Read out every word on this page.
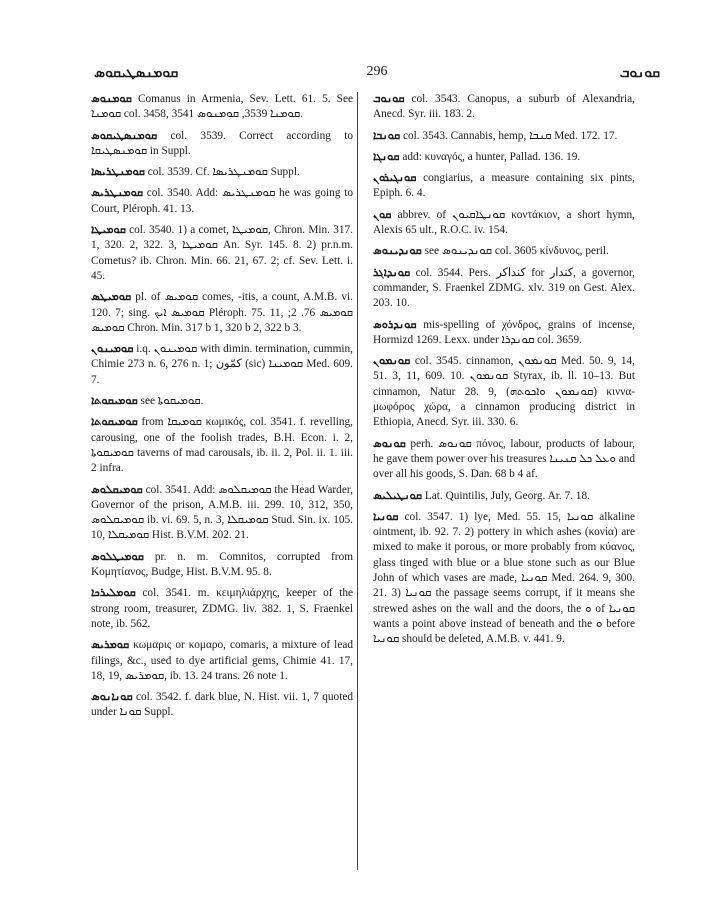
ܩܘܡܢܣܛܝܩܘܣ	296	ܩܘܢܘܒ

ܩܘܡܢܘܣ Comanus in Armenia, Sev. Lett. 61. 5. See ܩܘܡܢܐ col. 3458, ܩܘܡܢܐ 3539, ܩܘܡܢܘܣ 3541.

ܩܘܡܢܣܛܝܩܘܣ col. 3539. Correct according to ܩܘܡܢܣܛܝܩܐ in Suppl.

ܩܘܡܢܛܪܝܣܐ col. 3539. Cf. ܩܘܡܢܛܪܝܣܐ Suppl.

ܩܘܡܢܛܪܝܣ col. 3540. Add: ܩܘܡܢܛܪܝܣ he was going to Court, Pléroph. 41. 13.

ܩܘܡܝܛܐ col. 3540. 1) a comet, ܩܘܡܝܛܐ, Chron. Min. 317. 1, 320. 2, 322. 3, ܩܘܡܝܛܐ An. Syr. 145. 8. 2) pr.n.m. Cometus? ib. Chron. Min. 66. 21, 67. 2; cf. Sev. Lett. i. 45.

ܩܘܡܝܛܣ pl. of ܩܘܡܝܣ comes, -itis, a count, A.M.B. vi. 120. 7; sing. ܩܘܡܝܣ ܐܝܟ Pléroph. 75. 11, ܩܘܡܝܣ 76. 2; ܩܘܡܝܣ Chron. Min. 317 b 1, 320 b 2, 322 b 3.

ܩܘܡܝܢܘܢ i.q. ܩܘܡܝܢܘܢ with dimin. termination, cummin, Chimie 273 n. 6, 276 n. 1; كمّون (sic) ܩܘܡܝܢܐ Med. 609. 7.

ܩܘܡܝܩܘܬܐ see ܩܘܡܝܩܘܬܐ.

ܩܘܡܝܩܘܬܐ from ܩܘܡܝܩܐ κωμικός, col. 3541. f. revelling, carousing, one of the foolish trades, B.H. Econ. i. 2, ܩܘܡܝܩܘܬܐ taverns of mad carousals, ib. ii. 2, Pol. ii. 1. iii. 2 infra.

ܩܘܡܝܩܠܘܣ col. 3541. Add: ܩܘܡܝܩܠܘܣ the Head Warder, Governor of the prison, A.M.B. iii. 299. 10, 312, 350, ܩܘܡܝܩܠܘܣ ib. vi. 69. 5, n. 3, ܩܘܡܝܩܠܐ Stud. Sin. ix. 105. 10, ܩܘܡܝܩܠܐ Hist. B.V.M. 202. 21.

ܩܘܡܝܛܠܘܣ pr. n. m. Comnitos, corrupted from Κομητίανος, Budge, Hist. B.V.M. 95. 8.

ܩܘܡܠܝܪܟܐ col. 3541. m. κειμηλιάρχης, keeper of the strong room, treasurer, ZDMG. liv. 382. 1, S. Fraenkel note, ib. 562.

ܩܘܡܪܝܣ κωμαρις or κομαρο, comaris, a mixture of lead filings, &c., used to dye artificial gems, Chimie 41. 17, 18, 19, ܩܘܡܪܝܣ, ib. 13. 24 trans. 26 note 1.

ܩܘܢܐܢܘܣ col. 3542. f. dark blue, N. Hist. vii. 1, 7 quoted under ܩܘܢܐ Suppl.

ܩܘܢܘܒ col. 3543. Canopus, a suburb of Alexandria, Anecd. Syr. iii. 183. 2.

ܩܘܢܒܐ col. 3543. Cannabis, hemp, ܩܢܒܐ Med. 172. 17.

ܩܘܢܓܐ add: κυναγός, a hunter, Pallad. 136. 19.

ܩܘܢܓܝܪܘܢ congiarius, a measure containing six pints, Epiph. 6. 4.

ܩܘܢ abbrev. of ܩܘܢܛܐܩܝܘܢ κοντάκιον, a short hymn, Alexis 65 ult., R.O.C. iv. 154.

ܩܘܢܕܝܢܘܣ see ܩܘܢܕܝܢܘܣ col. 3605 κίνδυνος, peril.

ܩܘܢܕܐܓܪ col. 3544. Pers. كنداكر for كندار, a governor, commander, S. Fraenkel ZDMG. xlv. 319 on Gest. Alex. 203. 10.

ܩܘܢܕܪܘܣ mis-spelling of χόνδρος, grains of incense, Hormizd 1269. Lexx. under ܩܘܢܕܪܐ col. 3659.

ܩܘܢܡܘܢ col. 3545. cinnamon, ܩܘܢܡܘܢ Med. 50. 9, 14, 51. 3, 11, 609. 10. ܩܘܢܡܘܢ Styrax, ib. ll. 10–13. But cinnamon, Natur 28. 9, (ܩܘܢܡܘܢ ܘܐܟܘܬܗ) κιννα-μωφόρος χώρα, a cinnamon producing district in Ethiopia, Anecd. Syr. iii. 330. 6.

ܩܘܢܘܣ perh. ܩܘܢܘܣ πόνος, labour, products of labour, he gave them power over his treasures ܘܥܠ ܟܠ ܩܢܝܢܐ and over all his goods, S. Dan. 68 b 4 af.

ܩܘܢܛܝܠܝܣ Lat. Quintilis, July, Georg. Ar. 7. 18.

ܩܘܢܝܐ col. 3547. 1) lye, Med. 55. 15, ܩܘܢܝܐ alkaline ointment, ib. 92. 7. 2) pottery in which ashes (κονία) are mixed to make it porous, or more probably from κύανος, glass tinged with blue or a blue stone such as our Blue John of which vases are made, ܩܘܢܝܐ Med. 264. 9, 300. 21. 3) ܩܘܢܝܐ the passage seems corrupt, if it means she strewed ashes on the wall and the doors, the ܘ of ܩܘܢܝܐ wants a point above instead of beneath and the ܘ before ܩܘܢܝܐ should be deleted, A.M.B. v. 441. 9.
